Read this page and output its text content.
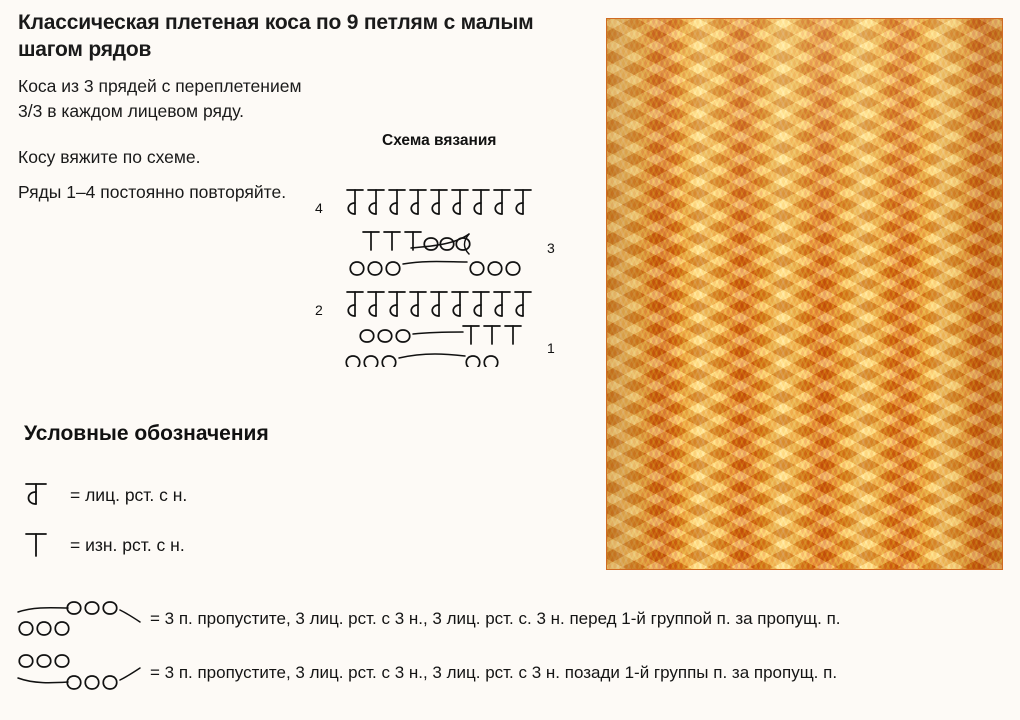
Классическая плетеная коса по 9 петлям с малым шагом рядов
Коса из 3 прядей с переплетением 3/3 в каждом лицевом ряду.
Косу вяжите по схеме.
Ряды 1–4 постоянно повторяйте.
Схема вязания
4
3
2
1
Условные обозначения
= лиц. рст. с н.
= изн. рст. с н.
= 3 п. пропустите, 3 лиц. рст. с 3 н., 3 лиц. рст. с. 3 н. перед 1-й группой п. за пропущ. п.
= 3 п. пропустите, 3 лиц. рст. с 3 н., 3 лиц. рст. с 3 н. позади 1-й группы п. за пропущ. п.
